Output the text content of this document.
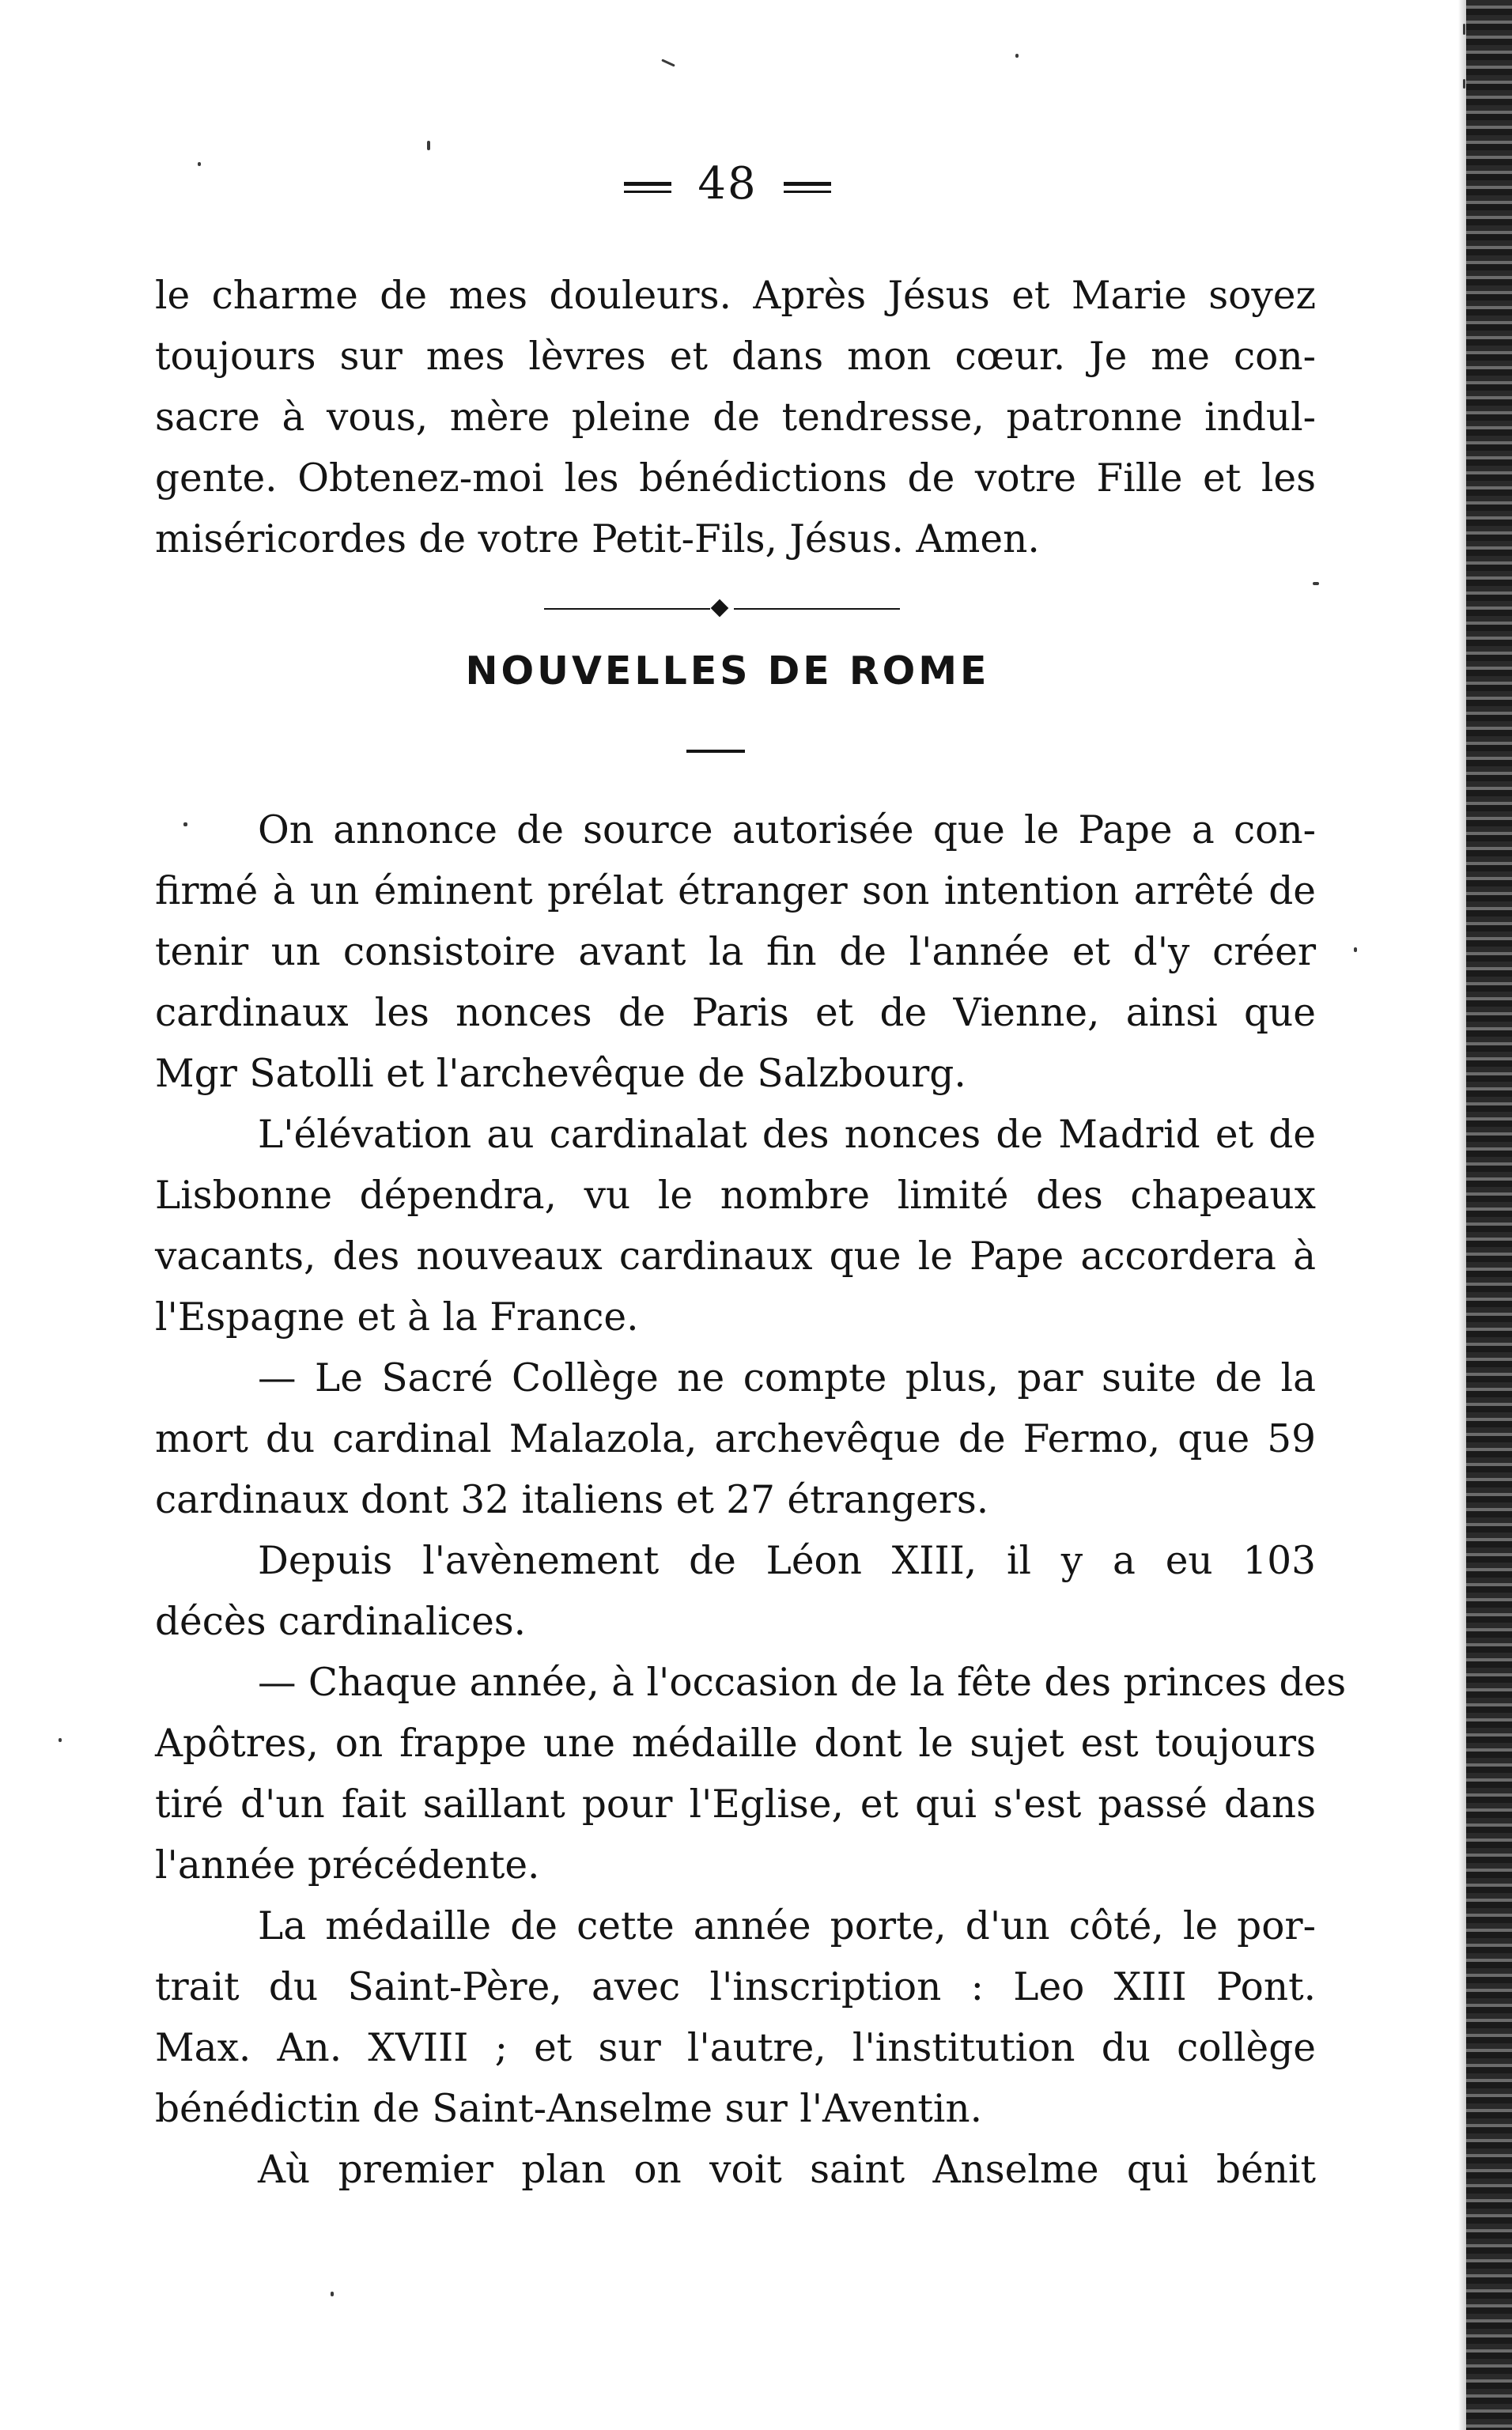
48
le charme de mes douleurs. Après Jésus et Marie soyez
toujours sur mes lèvres et dans mon cœur. Je me con-
sacre à vous, mère pleine de tendresse, patronne indul-
gente. Obtenez-moi les bénédictions de votre Fille et les
miséricordes de votre Petit-Fils, Jésus. Amen.
NOUVELLES DE ROME
On annonce de source autorisée que le Pape a con-
firmé à un éminent prélat étranger son intention arrêté de
tenir un consistoire avant la fin de l'année et d'y créer
cardinaux les nonces de Paris et de Vienne, ainsi que
Mgr Satolli et l'archevêque de Salzbourg.
L'élévation au cardinalat des nonces de Madrid et de
Lisbonne dépendra, vu le nombre limité des chapeaux
vacants, des nouveaux cardinaux que le Pape accordera à
l'Espagne et à la France.
— Le Sacré Collège ne compte plus, par suite de la
mort du cardinal Malazola, archevêque de Fermo, que 59
cardinaux dont 32 italiens et 27 étrangers.
Depuis l'avènement de Léon XIII, il y a eu 103
décès cardinalices.
— Chaque année, à l'occasion de la fête des princes des
Apôtres, on frappe une médaille dont le sujet est toujours
tiré d'un fait saillant pour l'Eglise, et qui s'est passé dans
l'année précédente.
La médaille de cette année porte, d'un côté, le por-
trait du Saint-Père, avec l'inscription : Leo XIII Pont.
Max. An. XVIII ; et sur l'autre, l'institution du collège
bénédictin de Saint-Anselme sur l'Aventin.
Aù premier plan on voit saint Anselme qui bénit
